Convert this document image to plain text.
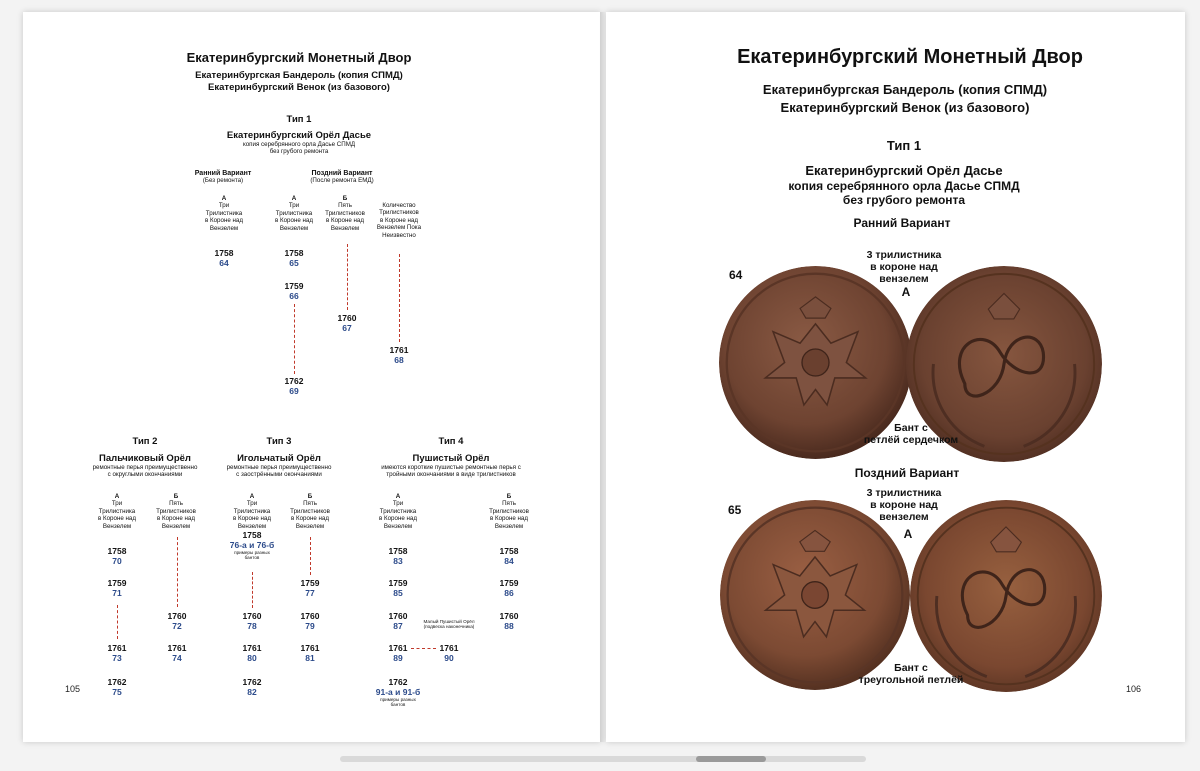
Екатеринбургский Монетный Двор
Екатеринбургская Бандероль (копия СПМД)
Екатеринбургский Венок (из базового)
Тип 1
Екатеринбургский Орёл Дасье
копия серебрянного орла Дасье СПМД
без грубого ремонта
Ранний Вариант
(Без ремонта)
Поздний Вариант
(После ремонта ЕМД)
А
Три
Трилистника
в Короне над
Вензелем
А
Три
Трилистника
в Короне над
Вензелем
Б
Пять
Трилистников
в Короне над
Вензелем
Количество
Трилистников
в Короне над
Вензелем Пока
Неизвестно
1758
64
1758
65
1759
66
1762
69
1760
67
1761
68
Тип 2
Пальчиковый Орёл
ремонтные перья преимущественно
с округлыми окончаниями
А
Три
Трилистника
в Короне над
Вензелем
Б
Пять
Трилистников
в Короне над
Вензелем
1758
70
1759
71
1761
73
1762
75
1760
72
1761
74
Тип 3
Игольчатый Орёл
ремонтные перья преимущественно
с заострёнными окончаниями
А
Три
Трилистника
в Короне над
Вензелем
Б
Пять
Трилистников
в Короне над
Вензелем
1758
76-а и 76-б
примеры разных
бантов
1760
78
1761
80
1762
82
1759
77
1760
79
1761
81
Тип 4
Пушистый Орёл
имеются короткие пушистые ремонтные перья с
тройными окончаниями в виде трилистников
А
Три
Трилистника
в Короне над
Вензелем
Б
Пять
Трилистников
в Короне над
Вензелем
Малый Пушистый Орёл
(подвеска наконечника)
1758
83
1759
85
1760
87
1761
89
1762
91-а и 91-б
примеры разных
бантов
1761
90
1758
84
1759
86
1760
88
105
Екатеринбургский Монетный Двор
Екатеринбургская Бандероль (копия СПМД)
Екатеринбургский Венок (из базового)
Тип 1
Екатеринбургский Орёл Дасье
копия серебрянного орла Дасье СПМД
без грубого ремонта
Ранний Вариант
64
3 трилистника
в короне над
вензелем
А
Бант с
петлёй сердечком
Поздний Вариант
65
3 трилистника
в короне над
вензелем
А
Бант с
треугольной петлёй
106
